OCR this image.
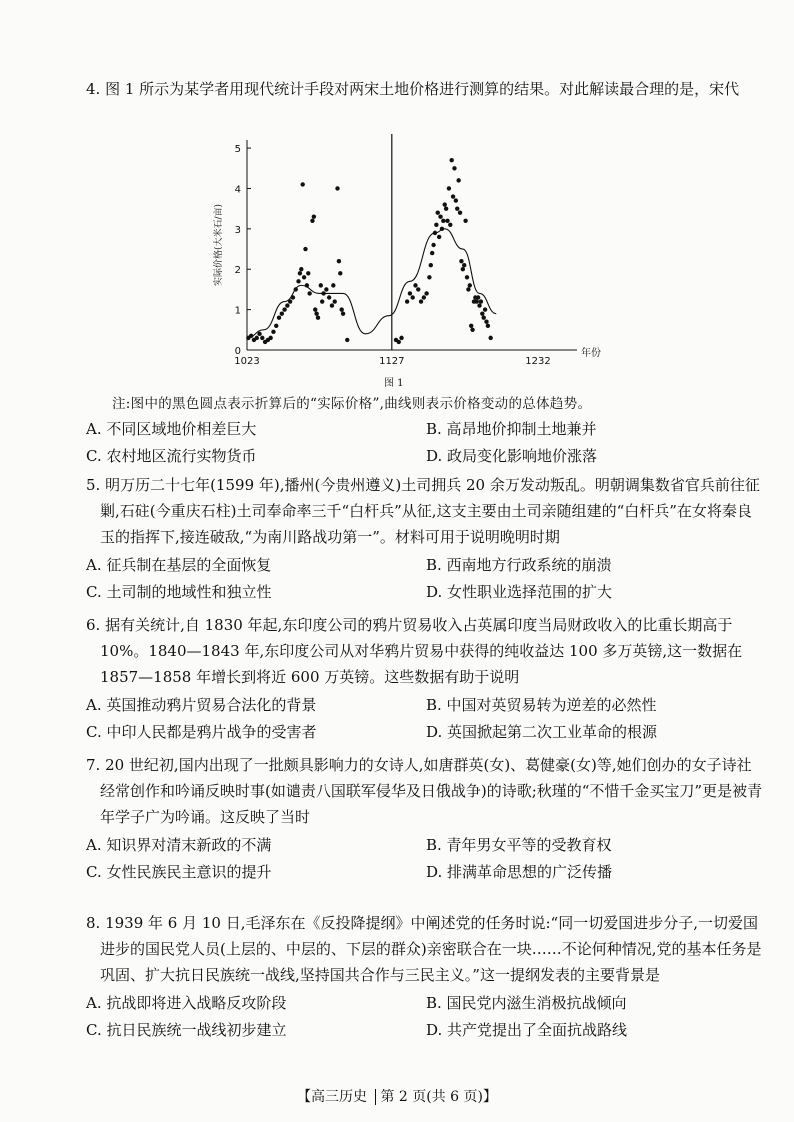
4. 图 1 所示为某学者用现代统计手段对两宋土地价格进行测算的结果。对此解读最合理的是，宋代

0
1
2
3
4
5
1023	1127	1232
年份
实际价格(大米石/亩)
图 1
注:图中的黑色圆点表示折算后的“实际价格”,曲线则表示价格变动的总体趋势。
A. 不同区域地价相差巨大	B. 高昂地价抑制土地兼并
C. 农村地区流行实物货币	D. 政局变化影响地价涨落

5. 明万历二十七年(1599 年),播州(今贵州遵义)土司拥兵 20 余万发动叛乱。明朝调集数省官兵前往征剿,石砫(今重庆石柱)土司奉命率三千“白杆兵”从征,这支主要由土司亲随组建的“白杆兵”在女将秦良玉的指挥下,接连破敌,“为南川路战功第一”。材料可用于说明晚明时期

A. 征兵制在基层的全面恢复	B. 西南地方行政系统的崩溃
C. 土司制的地域性和独立性	D. 女性职业选择范围的扩大

6. 据有关统计,自 1830 年起,东印度公司的鸦片贸易收入占英属印度当局财政收入的比重长期高于 10%。1840—1843 年,东印度公司从对华鸦片贸易中获得的纯收益达 100 多万英镑,这一数据在 1857—1858 年增长到将近 600 万英镑。这些数据有助于说明

A. 英国推动鸦片贸易合法化的背景	B. 中国对英贸易转为逆差的必然性
C. 中印人民都是鸦片战争的受害者	D. 英国掀起第二次工业革命的根源

7. 20 世纪初,国内出现了一批颇具影响力的女诗人,如唐群英(女)、葛健豪(女)等,她们创办的女子诗社经常创作和吟诵反映时事(如谴责八国联军侵华及日俄战争)的诗歌;秋瑾的“不惜千金买宝刀”更是被青年学子广为吟诵。这反映了当时

A. 知识界对清末新政的不满	B. 青年男女平等的受教育权
C. 女性民族民主意识的提升	D. 排满革命思想的广泛传播

8. 1939 年 6 月 10 日,毛泽东在《反投降提纲》中阐述党的任务时说:“同一切爱国进步分子,一切爱国进步的国民党人员(上层的、中层的、下层的群众)亲密联合在一块……不论何种情况,党的基本任务是巩固、扩大抗日民族统一战线,坚持国共合作与三民主义。”这一提纲发表的主要背景是

A. 抗战即将进入战略反攻阶段	B. 国民党内滋生消极抗战倾向
C. 抗日民族统一战线初步建立	D. 共产党提出了全面抗战路线
【高三历史 第 2 页(共 6 页)】
